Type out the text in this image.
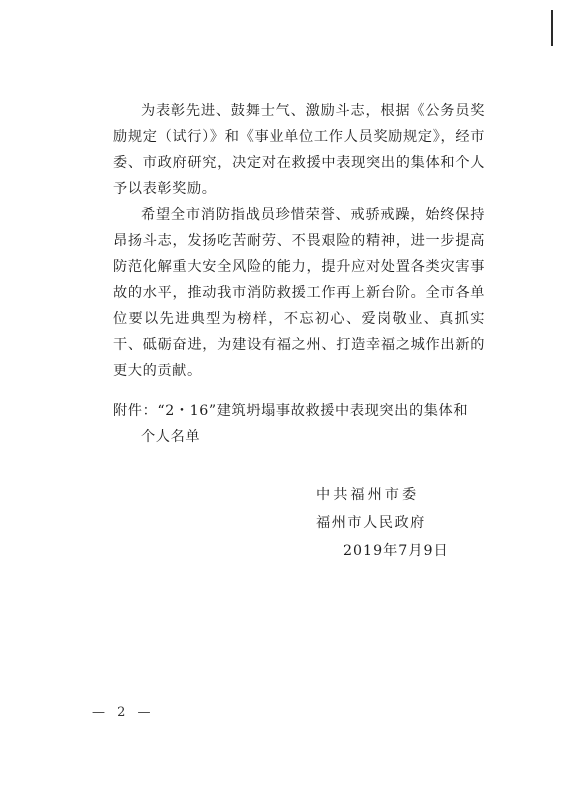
为表彰先进、鼓舞士气、激励斗志，根据《公务员奖励规定（试行）》和《事业单位工作人员奖励规定》，经市委、市政府研究，决定对在救援中表现突出的集体和个人予以表彰奖励。

希望全市消防指战员珍惜荣誉、戒骄戒躁，始终保持昂扬斗志，发扬吃苦耐劳、不畏艰险的精神，进一步提高防范化解重大安全风险的能力，提升应对处置各类灾害事故的水平，推动我市消防救援工作再上新台阶。全市各单位要以先进典型为榜样，不忘初心、爱岗敬业、真抓实干、砥砺奋进，为建设有福之州、打造幸福之城作出新的更大的贡献。

附件：“2・16”建筑坍塌事故救援中表现突出的集体和
个人名单

中共福州市委
福州市人民政府
2019年7月9日
— 2 —
